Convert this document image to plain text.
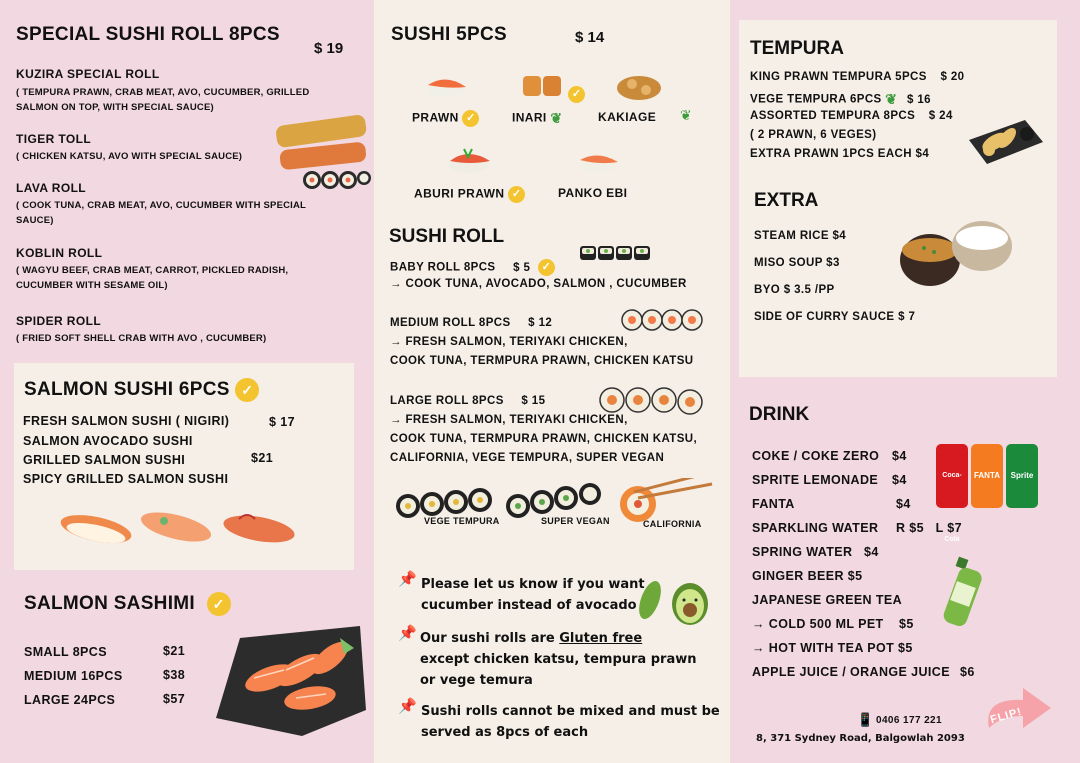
SPECIAL SUSHI ROLL 8PCS
$ 19
KUZIRA SPECIAL ROLL
( TEMPURA PRAWN, CRAB MEAT, AVO, CUCUMBER, GRILLED SALMON ON TOP, WITH SPECIAL SAUCE)
TIGER TOLL
( CHICKEN KATSU, AVO WITH SPECIAL SAUCE)
LAVA ROLL
( COOK TUNA, CRAB MEAT, AVO, CUCUMBER WITH SPECIAL SAUCE)
KOBLIN ROLL
( WAGYU BEEF, CRAB MEAT, CARROT, PICKLED RADISH, CUCUMBER WITH SESAME OIL)
SPIDER ROLL
( FRIED SOFT SHELL CRAB WITH AVO , CUCUMBER)
SALMON SUSHI 6PCS ✓
FRESH SALMON SUSHI ( NIGIRI)	$ 17
SALMON AVOCADO SUSHI
GRILLED SALMON SUSHI	$21
SPICY GRILLED SALMON SUSHI
SALMON SASHIMI ✓
SMALL 8PCS	$21
MEDIUM 16PCS	$38
LARGE 24PCS	$57
SUSHI 5PCS	$ 14
PRAWN ✓
✓
INARI ❦	KAKIAGE ❦
ABURI PRAWN ✓	PANKO EBI
SUSHI ROLL
BABY ROLL 8PCS $ 5 ✓
→ COOK TUNA, AVOCADO, SALMON , CUCUMBER
MEDIUM ROLL 8PCS $ 12
→ FRESH SALMON, TERIYAKI CHICKEN,
COOK TUNA, TERMPURA PRAWN, CHICKEN KATSU
LARGE ROLL 8PCS $ 15
→ FRESH SALMON, TERIYAKI CHICKEN,
COOK TUNA, TERMPURA PRAWN, CHICKEN KATSU,
CALIFORNIA, VEGE TEMPURA, SUPER VEGAN
VEGE TEMPURA	SUPER VEGAN	CALIFORNIA
📌 Please let us know if you want
cucumber instead of avocado
📌 Our sushi rolls are Gluten free
except chicken katsu, tempura prawn
or vege temura
📌 Sushi rolls cannot be mixed and must be
served as 8pcs of each
TEMPURA
KING PRAWN TEMPURA 5PCS $ 20
VEGE TEMPURA 6PCS ❦ $ 16
ASSORTED TEMPURA 8PCS $ 24
( 2 PRAWN, 6 VEGES)
EXTRA PRAWN 1PCS EACH $4
EXTRA
STEAM RICE $4
MISO SOUP $3
BYO $ 3.5 /PP
SIDE OF CURRY SAUCE $ 7
DRINK
COKE / COKE ZERO $4
SPRITE LEMONADE $4
FANTA	$4
SPARKLING WATER R $5   L $7
SPRING WATER $4
GINGER BEER $5
JAPANESE GREEN TEA
→ COLD 500 ML PET $5
→ HOT WITH TEA POT $5
APPLE JUICE / ORANGE JUICE $6
Coca-Cola
FANTA	Sprite
📱 0406 177 221
8, 371 Sydney Road, Balgowlah 2093
FLIP!
